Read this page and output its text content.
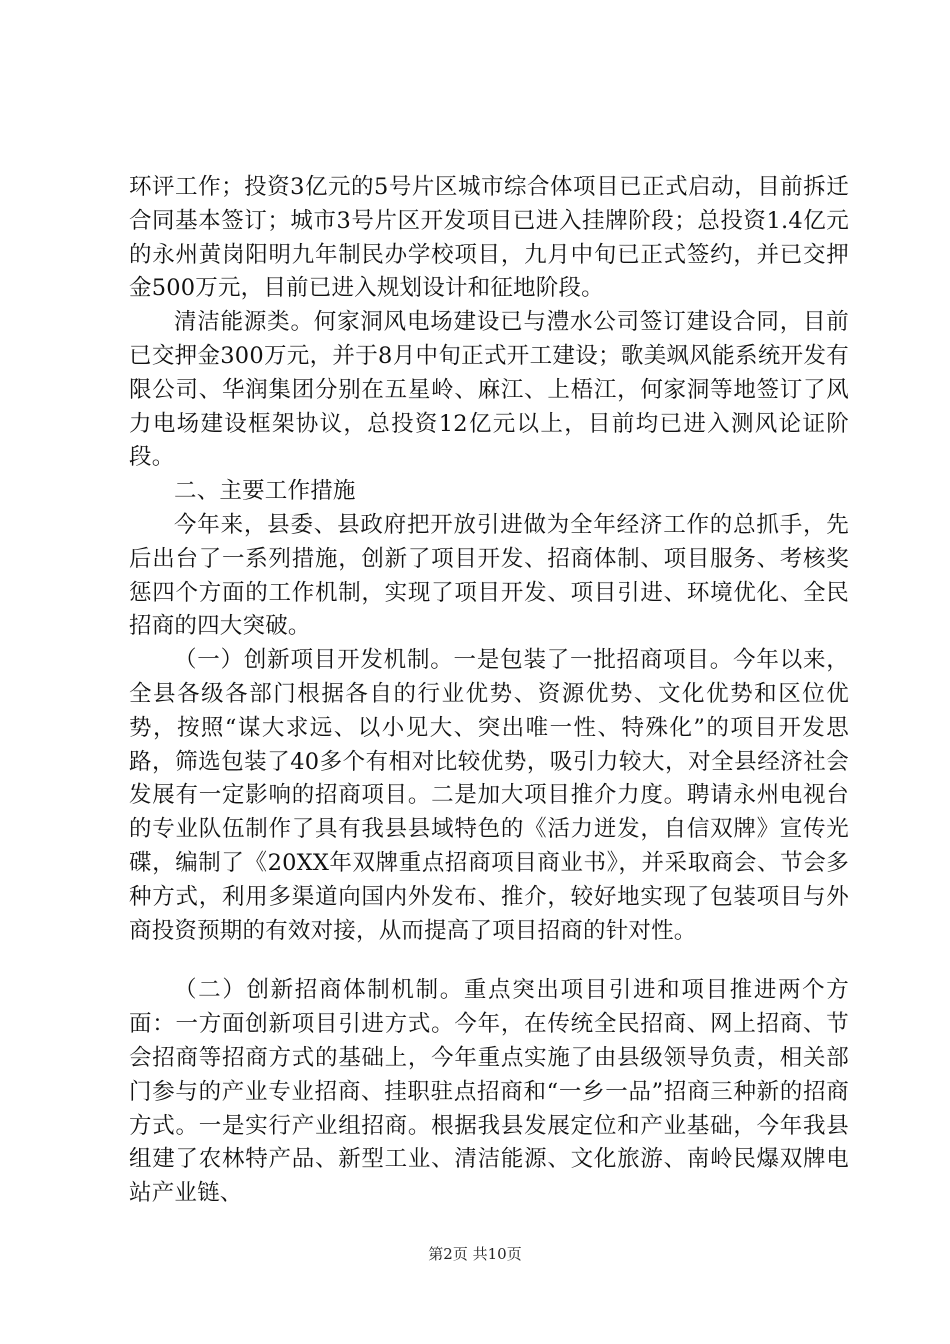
环评工作；投资3亿元的5号片区城市综合体项目已正式启动，目前拆迁合同基本签订；城市3号片区开发项目已进入挂牌阶段；总投资1.4亿元的永州黄岗阳明九年制民办学校项目，九月中旬已正式签约，并已交押金500万元，目前已进入规划设计和征地阶段。

清洁能源类。何家洞风电场建设已与澧水公司签订建设合同，目前已交押金300万元，并于8月中旬正式开工建设；歌美飒风能系统开发有限公司、华润集团分别在五星岭、麻江、上梧江，何家洞等地签订了风力电场建设框架协议，总投资12亿元以上，目前均已进入测风论证阶段。

二、主要工作措施

今年来，县委、县政府把开放引进做为全年经济工作的总抓手，先后出台了一系列措施，创新了项目开发、招商体制、项目服务、考核奖惩四个方面的工作机制，实现了项目开发、项目引进、环境优化、全民招商的四大突破。

（一）创新项目开发机制。一是包装了一批招商项目。今年以来，全县各级各部门根据各自的行业优势、资源优势、文化优势和区位优势，按照“谋大求远、以小见大、突出唯一性、特殊化”的项目开发思路，筛选包装了40多个有相对比较优势，吸引力较大，对全县经济社会发展有一定影响的招商项目。二是加大项目推介力度。聘请永州电视台的专业队伍制作了具有我县县域特色的《活力迸发，自信双牌》宣传光碟，编制了《20XX年双牌重点招商项目商业书》，并采取商会、节会多种方式，利用多渠道向国内外发布、推介，较好地实现了包装项目与外商投资预期的有效对接，从而提高了项目招商的针对性。

（二）创新招商体制机制。重点突出项目引进和项目推进两个方面：一方面创新项目引进方式。今年，在传统全民招商、网上招商、节会招商等招商方式的基础上，今年重点实施了由县级领导负责，相关部门参与的产业专业招商、挂职驻点招商和“一乡一品”招商三种新的招商方式。一是实行产业组招商。根据我县发展定位和产业基础，今年我县组建了农林特产品、新型工业、清洁能源、文化旅游、南岭民爆双牌电站产业链、

第2页 共10页
